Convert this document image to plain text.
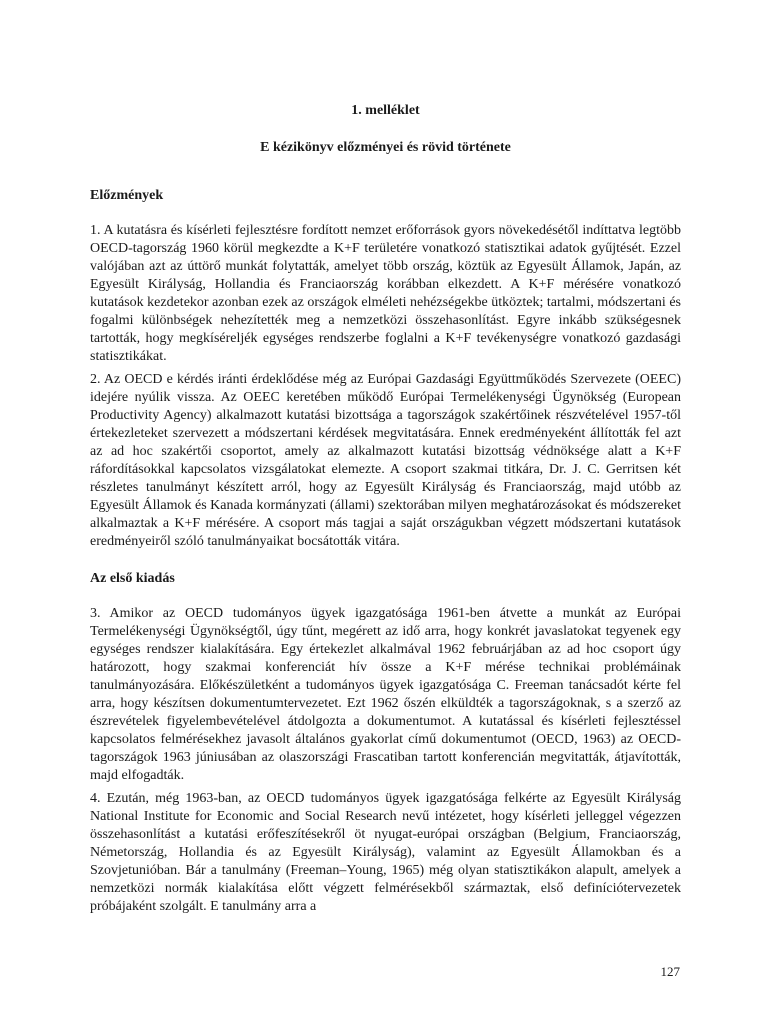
1. melléklet

E kézikönyv előzményei és rövid története

Előzmények

1. A kutatásra és kísérleti fejlesztésre fordított nemzet erőforrások gyors növekedésétől indíttatva legtöbb OECD-tagország 1960 körül megkezdte a K+F területére vonatkozó statisztikai adatok gyűjtését. Ezzel valójában azt az úttörő munkát folytatták, amelyet több ország, köztük az Egyesült Államok, Japán, az Egyesült Királyság, Hollandia és Franciaország korábban elkezdett. A K+F mérésére vonatkozó kutatások kezdetekor azonban ezek az országok elméleti nehézségekbe ütköztek; tartalmi, módszertani és fogalmi különbségek nehezítették meg a nemzetközi összehasonlítást. Egyre inkább szükségesnek tartották, hogy megkíséreljék egységes rendszerbe foglalni a K+F tevékenységre vonatkozó gazdasági statisztikákat.

2. Az OECD e kérdés iránti érdeklődése még az Európai Gazdasági Együttműködés Szervezete (OEEC) idejére nyúlik vissza. Az OEEC keretében működő Európai Termelékenységi Ügynökség (European Productivity Agency) alkalmazott kutatási bizottsága a tagországok szakértőinek részvételével 1957-től értekezleteket szervezett a módszertani kérdések megvitatására. Ennek eredményeként állították fel azt az ad hoc szakértői csoportot, amely az alkalmazott kutatási bizottság védnöksége alatt a K+F ráfordításokkal kapcsolatos vizsgálatokat elemezte. A csoport szakmai titkára, Dr. J. C. Gerritsen két részletes tanulmányt készített arról, hogy az Egyesült Királyság és Franciaország, majd utóbb az Egyesült Államok és Kanada kormányzati (állami) szektorában milyen meghatározásokat és módszereket alkalmaztak a K+F mérésére. A csoport más tagjai a saját országukban végzett módszertani kutatások eredményeiről szóló tanulmányaikat bocsátották vitára.

Az első kiadás

3. Amikor az OECD tudományos ügyek igazgatósága 1961-ben átvette a munkát az Európai Termelékenységi Ügynökségtől, úgy tűnt, megérett az idő arra, hogy konkrét javaslatokat tegyenek egy egységes rendszer kialakítására. Egy értekezlet alkalmával 1962 februárjában az ad hoc csoport úgy határozott, hogy szakmai konferenciát hív össze a K+F mérése technikai problémáinak tanulmányozására. Előkészületként a tudományos ügyek igazgatósága C. Freeman tanácsadót kérte fel arra, hogy készítsen dokumentumtervezetet. Ezt 1962 őszén elküldték a tagországoknak, s a szerző az észrevételek figyelembevételével átdolgozta a dokumentumot. A kutatással és kísérleti fejlesztéssel kapcsolatos felmérésekhez javasolt általános gyakorlat című dokumentumot (OECD, 1963) az OECD-tagországok 1963 júniusában az olaszországi Frascatiban tartott konferencián megvitatták, átjavították, majd elfogadták.

4. Ezután, még 1963-ban, az OECD tudományos ügyek igazgatósága felkérte az Egyesült Királyság National Institute for Economic and Social Research nevű intézetet, hogy kísérleti jelleggel végezzen összehasonlítást a kutatási erőfeszítésekről öt nyugat-európai országban (Belgium, Franciaország, Németország, Hollandia és az Egyesült Királyság), valamint az Egyesült Államokban és a Szovjetunióban. Bár a tanulmány (Freeman–Young, 1965) még olyan statisztikákon alapult, amelyek a nemzetközi normák kialakítása előtt végzett felmérésekből származtak, első definíciótervezetek próbájaként szolgált. E tanulmány arra a

127
